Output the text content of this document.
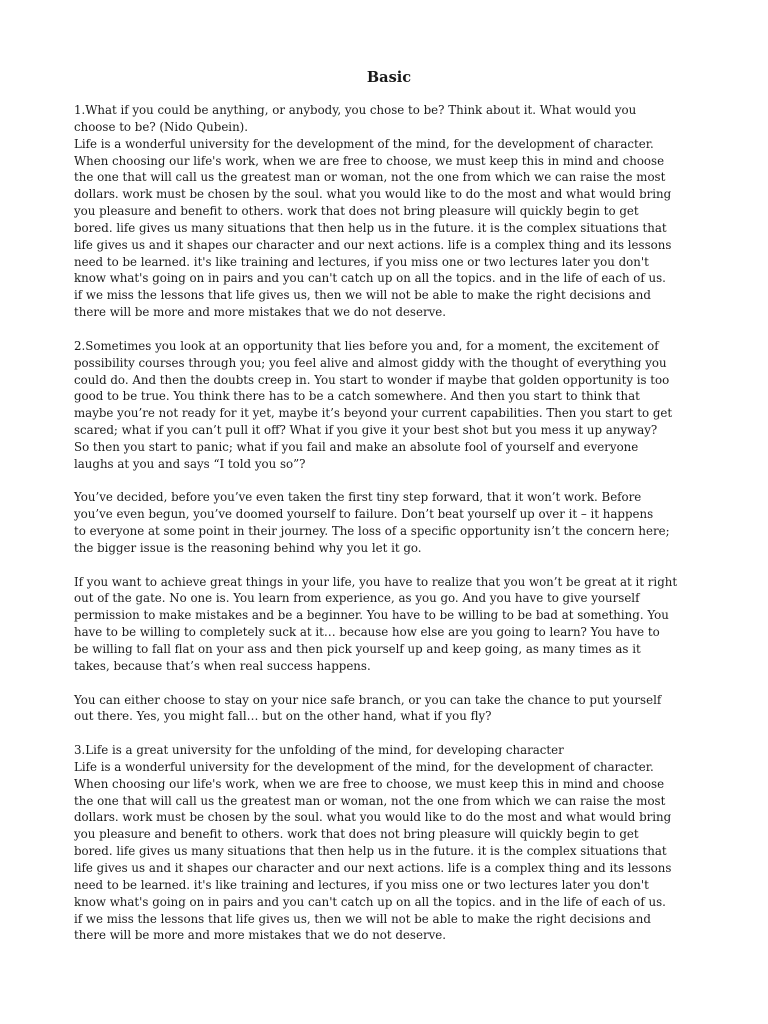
Basic
1.What if you could be anything, or anybody, you chose to be? Think about it. What would you
choose to be? (Nido Qubein).
Life is a wonderful university for the development of the mind, for the development of character.
When choosing our life's work, when we are free to choose, we must keep this in mind and choose
the one that will call us the greatest man or woman, not the one from which we can raise the most
dollars. work must be chosen by the soul. what you would like to do the most and what would bring
you pleasure and benefit to others. work that does not bring pleasure will quickly begin to get
bored. life gives us many situations that then help us in the future. it is the complex situations that
life gives us and it shapes our character and our next actions. life is a complex thing and its lessons
need to be learned. it's like training and lectures, if you miss one or two lectures later you don't
know what's going on in pairs and you can't catch up on all the topics. and in the life of each of us.
if we miss the lessons that life gives us, then we will not be able to make the right decisions and
there will be more and more mistakes that we do not deserve.
2.Sometimes you look at an opportunity that lies before you and, for a moment, the excitement of
possibility courses through you; you feel alive and almost giddy with the thought of everything you
could do. And then the doubts creep in. You start to wonder if maybe that golden opportunity is too
good to be true. You think there has to be a catch somewhere. And then you start to think that
maybe you’re not ready for it yet, maybe it’s beyond your current capabilities. Then you start to get
scared; what if you can’t pull it off? What if you give it your best shot but you mess it up anyway?
So then you start to panic; what if you fail and make an absolute fool of yourself and everyone
laughs at you and says “I told you so”?
You’ve decided, before you’ve even taken the first tiny step forward, that it won’t work. Before
you’ve even begun, you’ve doomed yourself to failure. Don’t beat yourself up over it – it happens
to everyone at some point in their journey. The loss of a specific opportunity isn’t the concern here;
the bigger issue is the reasoning behind why you let it go.
If you want to achieve great things in your life, you have to realize that you won’t be great at it right
out of the gate. No one is. You learn from experience, as you go. And you have to give yourself
permission to make mistakes and be a beginner. You have to be willing to be bad at something. You
have to be willing to completely suck at it… because how else are you going to learn? You have to
be willing to fall flat on your ass and then pick yourself up and keep going, as many times as it
takes, because that’s when real success happens.
You can either choose to stay on your nice safe branch, or you can take the chance to put yourself
out there. Yes, you might fall… but on the other hand, what if you fly?
3.Life is a great university for the unfolding of the mind, for developing character
Life is a wonderful university for the development of the mind, for the development of character.
When choosing our life's work, when we are free to choose, we must keep this in mind and choose
the one that will call us the greatest man or woman, not the one from which we can raise the most
dollars. work must be chosen by the soul. what you would like to do the most and what would bring
you pleasure and benefit to others. work that does not bring pleasure will quickly begin to get
bored. life gives us many situations that then help us in the future. it is the complex situations that
life gives us and it shapes our character and our next actions. life is a complex thing and its lessons
need to be learned. it's like training and lectures, if you miss one or two lectures later you don't
know what's going on in pairs and you can't catch up on all the topics. and in the life of each of us.
if we miss the lessons that life gives us, then we will not be able to make the right decisions and
there will be more and more mistakes that we do not deserve.
